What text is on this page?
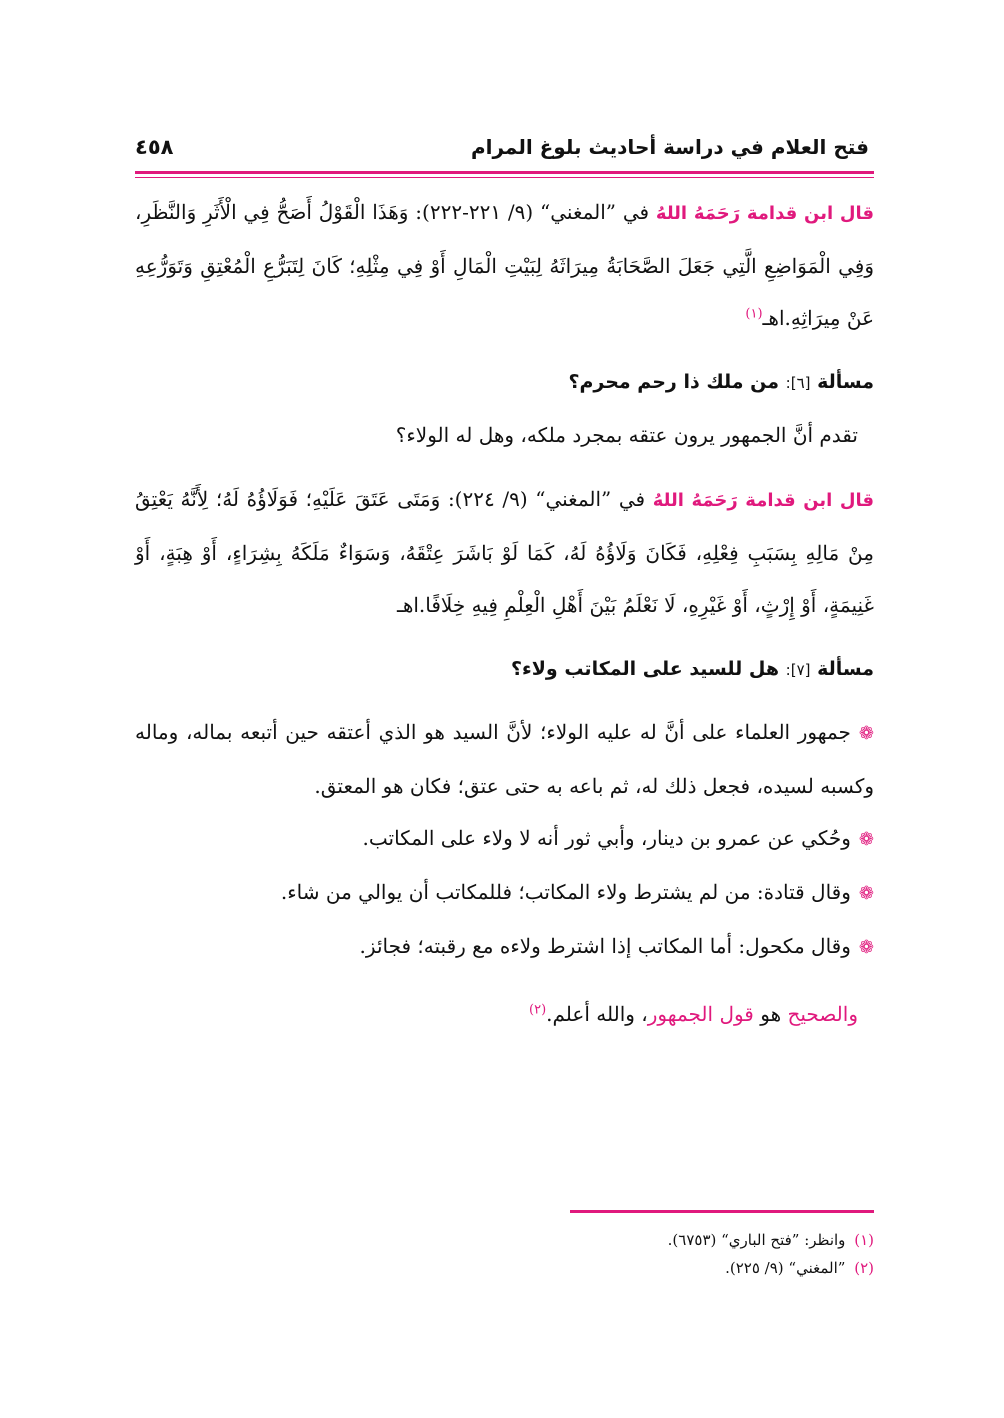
فتح العلام في دراسة أحاديث بلوغ المرام
٤٥٨

قال ابن قدامة رَحَمَهُ اللهُ في ”المغني“ (٩/ ٢٢١-٢٢٢): وَهَذَا الْقَوْلُ أَصَحُّ فِي الْأَثَرِ وَالنَّظَرِ، وَفِي الْمَوَاضِعِ الَّتِي جَعَلَ الصَّحَابَةُ مِيرَاثَهُ لِبَيْتِ الْمَالِ أَوْ فِي مِثْلِهِ؛ كَانَ لِتَبَرُّعِ الْمُعْتِقِ وَتَوَرُّعِهِ عَنْ مِيرَاثِهِ.اهـ$^{(١)}$

مسألة [٦]: من ملك ذا رحم محرم؟

تقدم أنَّ الجمهور يرون عتقه بمجرد ملكه، وهل له الولاء؟

قال ابن قدامة رَحَمَهُ اللهُ في ”المغني“ (٩/ ٢٢٤): وَمَتَى عَتَقَ عَلَيْهِ؛ فَوَلَاؤُهُ لَهُ؛ لِأَنَّهُ يَعْتِقُ مِنْ مَالِهِ بِسَبَبِ فِعْلِهِ، فَكَانَ وَلَاؤُهُ لَهُ، كَمَا لَوْ بَاشَرَ عِتْقَهُ، وَسَوَاءٌ مَلَكَهُ بِشِرَاءٍ، أَوْ هِبَةٍ، أَوْ غَنِيمَةٍ، أَوْ إِرْثٍ، أَوْ غَيْرِهِ، لَا نَعْلَمُ بَيْنَ أَهْلِ الْعِلْمِ فِيهِ خِلَافًا.اهـ

مسألة [٧]: هل للسيد على المكاتب ولاء؟

❁جمهور العلماء على أنَّ له عليه الولاء؛ لأنَّ السيد هو الذي أعتقه حين أتبعه بماله، وماله وكسبه لسيده، فجعل ذلك له، ثم باعه به حتى عتق؛ فكان هو المعتق.

❁وحُكي عن عمرو بن دينار، وأبي ثور أنه لا ولاء على المكاتب.

❁وقال قتادة: من لم يشترط ولاء المكاتب؛ فللمكاتب أن يوالي من شاء.

❁وقال مكحول: أما المكاتب إذا اشترط ولاءه مع رقبته؛ فجائز.

والصحيح هو قول الجمهور، والله أعلم.$^{(٢)}$

(١) وانظر: ”فتح الباري“ (٦٧٥٣).

(٢) ”المغني“ (٩/ ٢٢٥).
